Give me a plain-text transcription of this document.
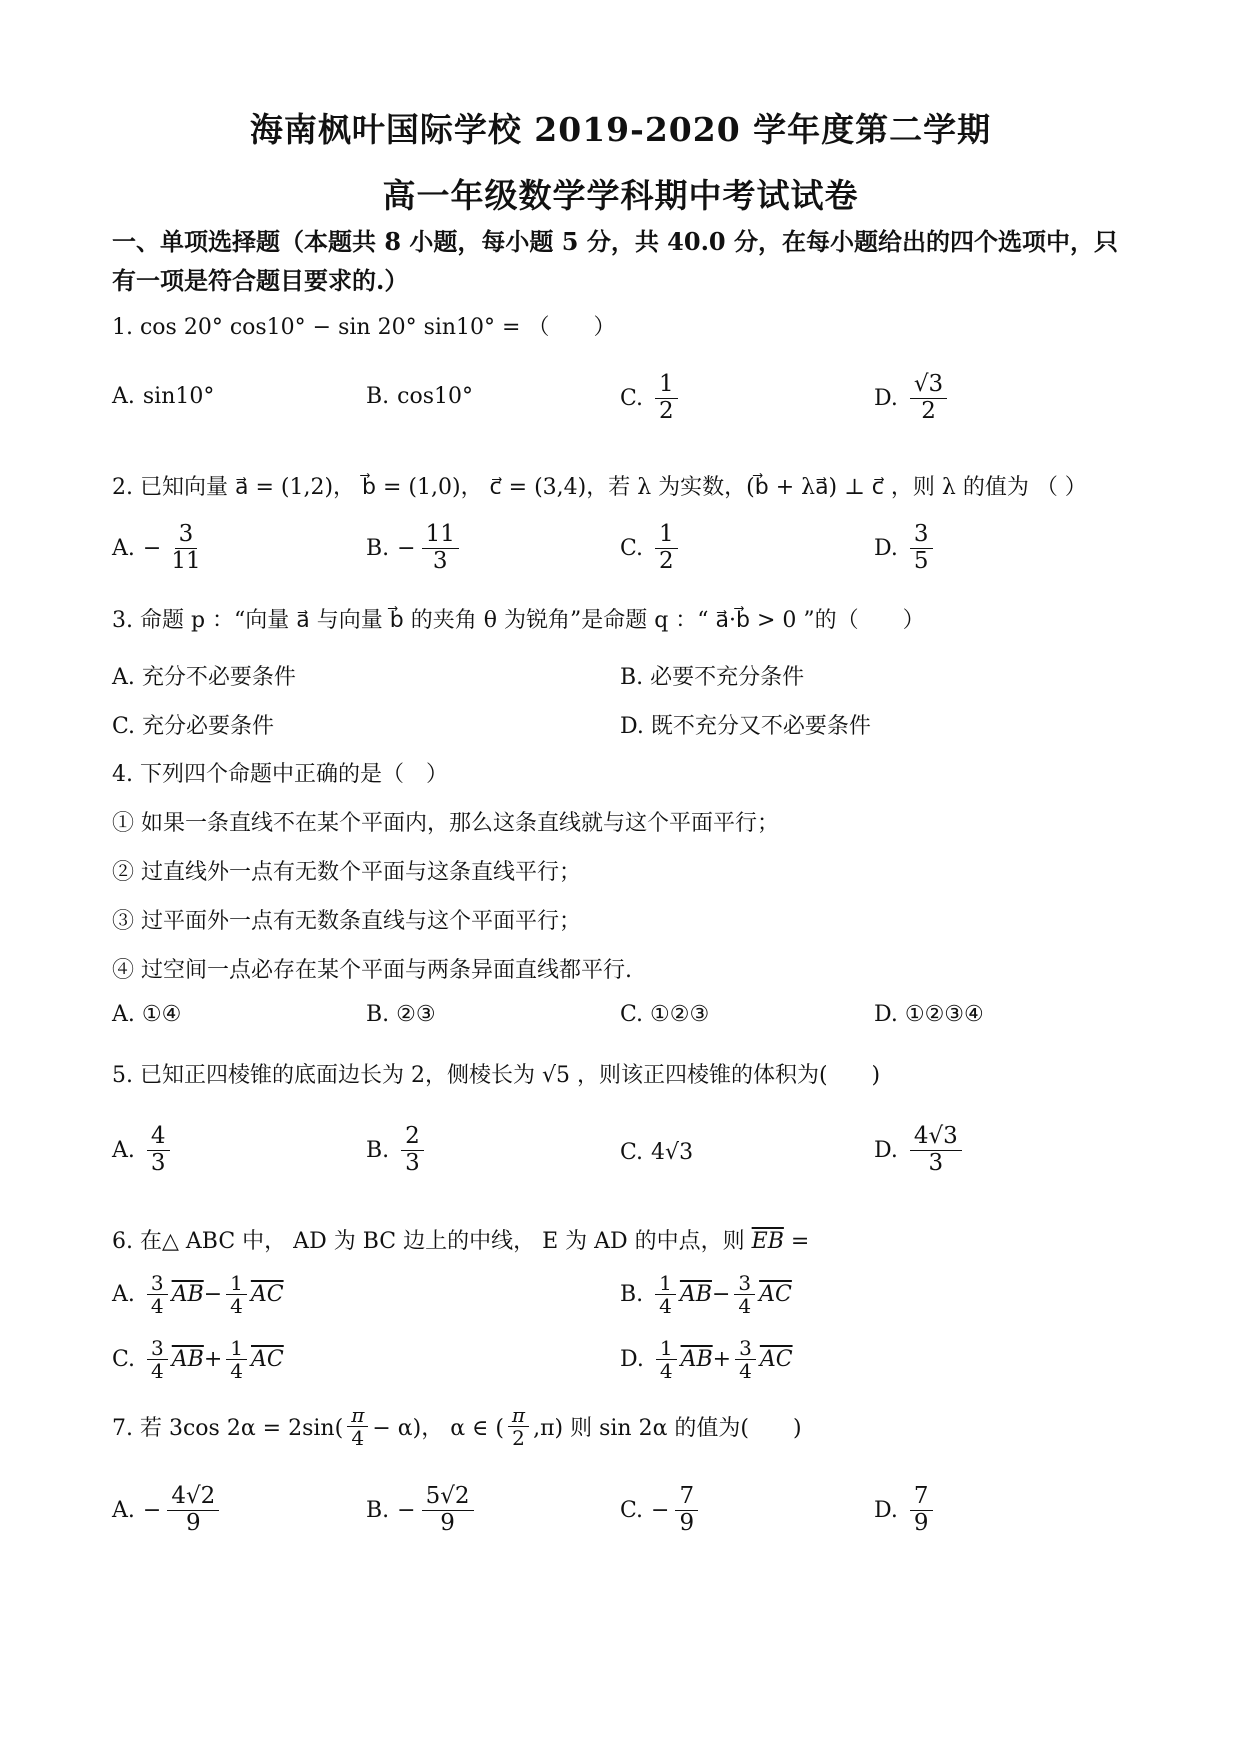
海南枫叶国际学校 2019-2020 学年度第二学期
高一年级数学学科期中考试试卷
一、单项选择题（本题共 8 小题，每小题 5 分，共 40.0 分，在每小题给出的四个选项中，只
有一项是符合题目要求的.）
1. cos 20° cos10° − sin 20° sin10° = （　　）
A. sin10°	B. cos10°	C. $\frac{1}{2}$	D. $\frac{√3}{2}$
2. 已知向量 a⃗ = (1,2)， b⃗ = (1,0)， c⃗ = (3,4)，若 λ 为实数，(b⃗ + λa⃗) ⊥ c⃗ ，则 λ 的值为 （ ）
A. − $\frac{3}{11}$	B. − $\frac{11}{3}$	C. $\frac{1}{2}$	D. $\frac{3}{5}$
3. 命题 p ：“向量 a⃗ 与向量 b⃗ 的夹角 θ 为锐角”是命题 q ：“ a⃗·b⃗ > 0 ”的（　　）
A. 充分不必要条件	B. 必要不充分条件
C. 充分必要条件	D. 既不充分又不必要条件
4. 下列四个命题中正确的是（　）
① 如果一条直线不在某个平面内，那么这条直线就与这个平面平行；
② 过直线外一点有无数个平面与这条直线平行；
③ 过平面外一点有无数条直线与这个平面平行；
④ 过空间一点必存在某个平面与两条异面直线都平行.
A. ①④	B. ②③	C. ①②③	D. ①②③④
5. 已知正四棱锥的底面边长为 2，侧棱长为 √5 ，则该正四棱锥的体积为(　　)
A. $\frac{4}{3}$	B. $\frac{2}{3}$	C. 4√3	D. $\frac{4√3}{3}$
6. 在△ ABC 中， AD 为 BC 边上的中线， E 为 AD 的中点，则 $\overline{EB}$ =
A. $\frac{3}{4} \overline{AB} - \frac{1}{4} \overline{AC}$	B. $\frac{1}{4} \overline{AB} - \frac{3}{4} \overline{AC}$
C. $\frac{3}{4} \overline{AB} + \frac{1}{4} \overline{AC}$	D. $\frac{1}{4} \overline{AB} + \frac{3}{4} \overline{AC}$
7. 若 3cos $2\alpha = 2\sin( \frac{\pi}{4} - \alpha)$， α ∈ ( $\frac{\pi}{2} ,\pi$) 则 sin 2α 的值为(　　)
A. − $\frac{4√2}{9}$	B. − $\frac{5√2}{9}$	C. − $\frac{7}{9}$	D. $\frac{7}{9}$
